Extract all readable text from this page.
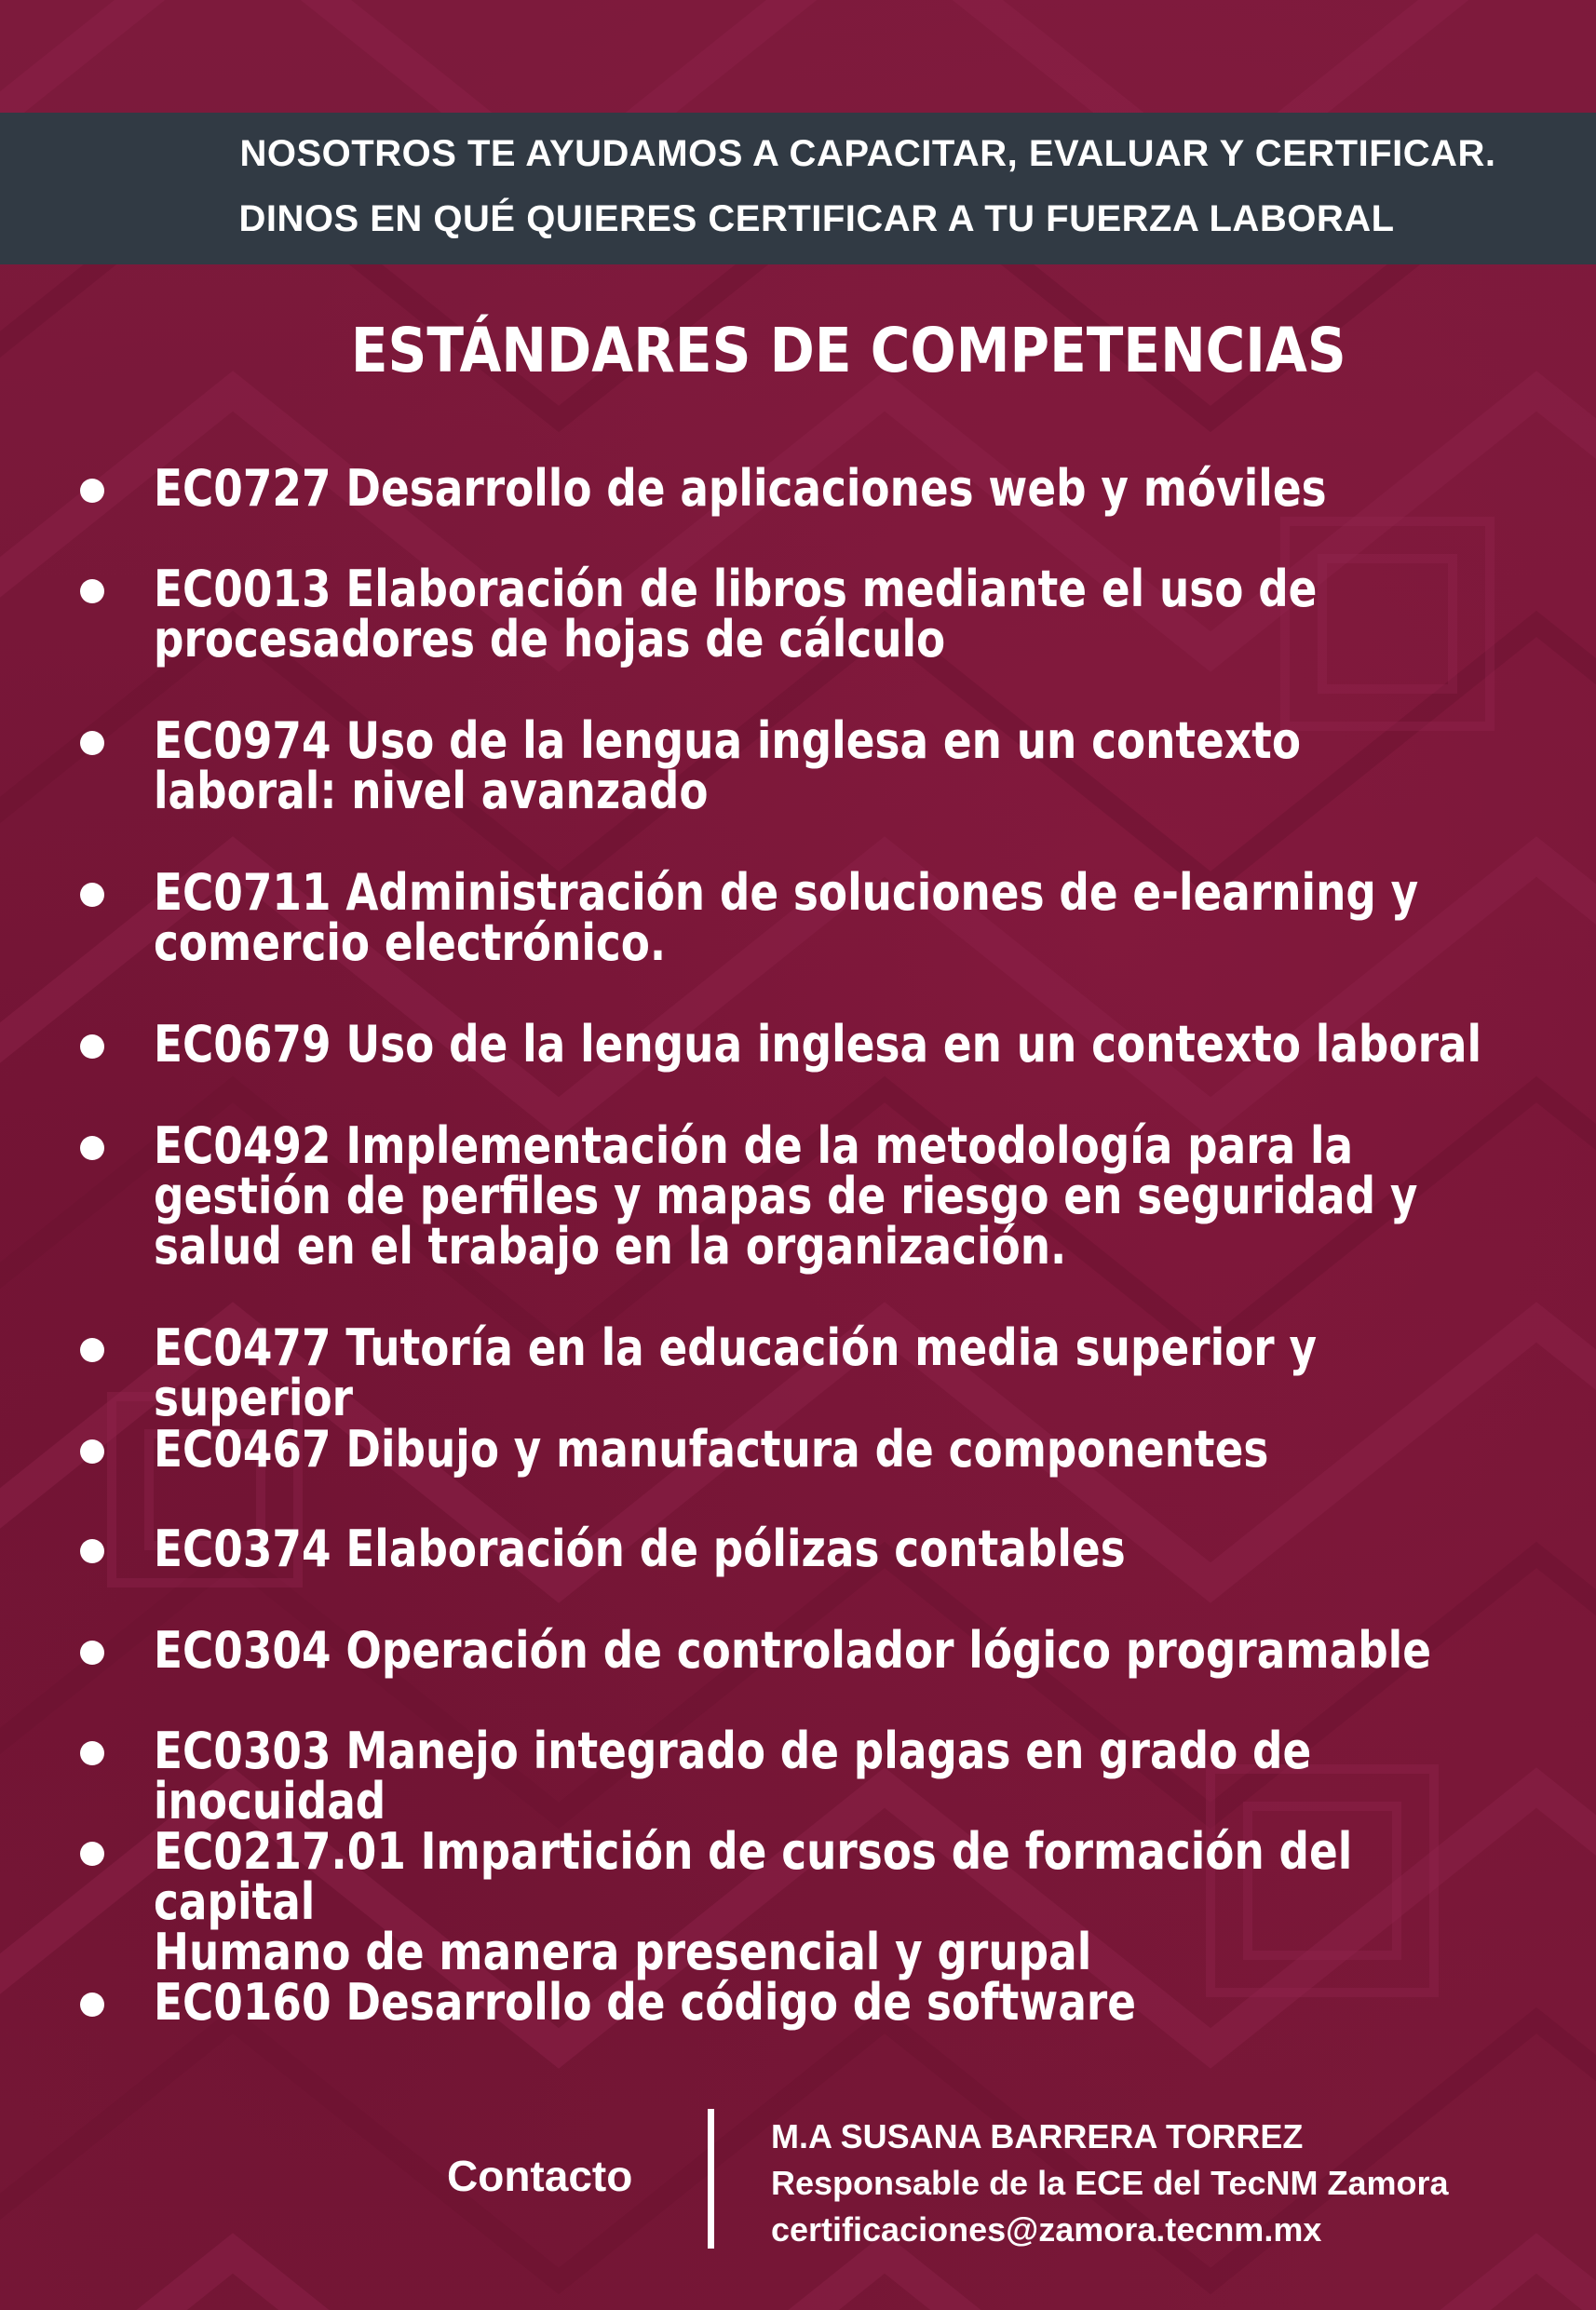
NOSOTROS TE AYUDAMOS A CAPACITAR, EVALUAR Y CERTIFICAR.
DINOS EN QUÉ QUIERES CERTIFICAR A TU FUERZA LABORAL
ESTÁNDARES DE COMPETENCIAS
EC0727 Desarrollo de aplicaciones web y móviles
EC0013 Elaboración de libros mediante el uso de
procesadores de hojas de cálculo
EC0974 Uso de la lengua inglesa en un contexto
laboral: nivel avanzado
EC0711 Administración de soluciones de e-learning y
comercio electrónico.
EC0679 Uso de la lengua inglesa en un contexto laboral
EC0492 Implementación de la metodología para la
gestión de perfiles y mapas de riesgo en seguridad y
salud en el trabajo en la organización.
EC0477 Tutoría en la educación media superior y superior
EC0467 Dibujo y manufactura de componentes
EC0374 Elaboración de pólizas contables
EC0304 Operación de controlador lógico programable
EC0303 Manejo integrado de plagas en grado de inocuidad
EC0217.01 Impartición de cursos de formación del capital
Humano de manera presencial y grupal
EC0160 Desarrollo de código de software
Contacto
M.A SUSANA BARRERA TORREZ
Responsable de la ECE del TecNM Zamora
certificaciones@zamora.tecnm.mx
